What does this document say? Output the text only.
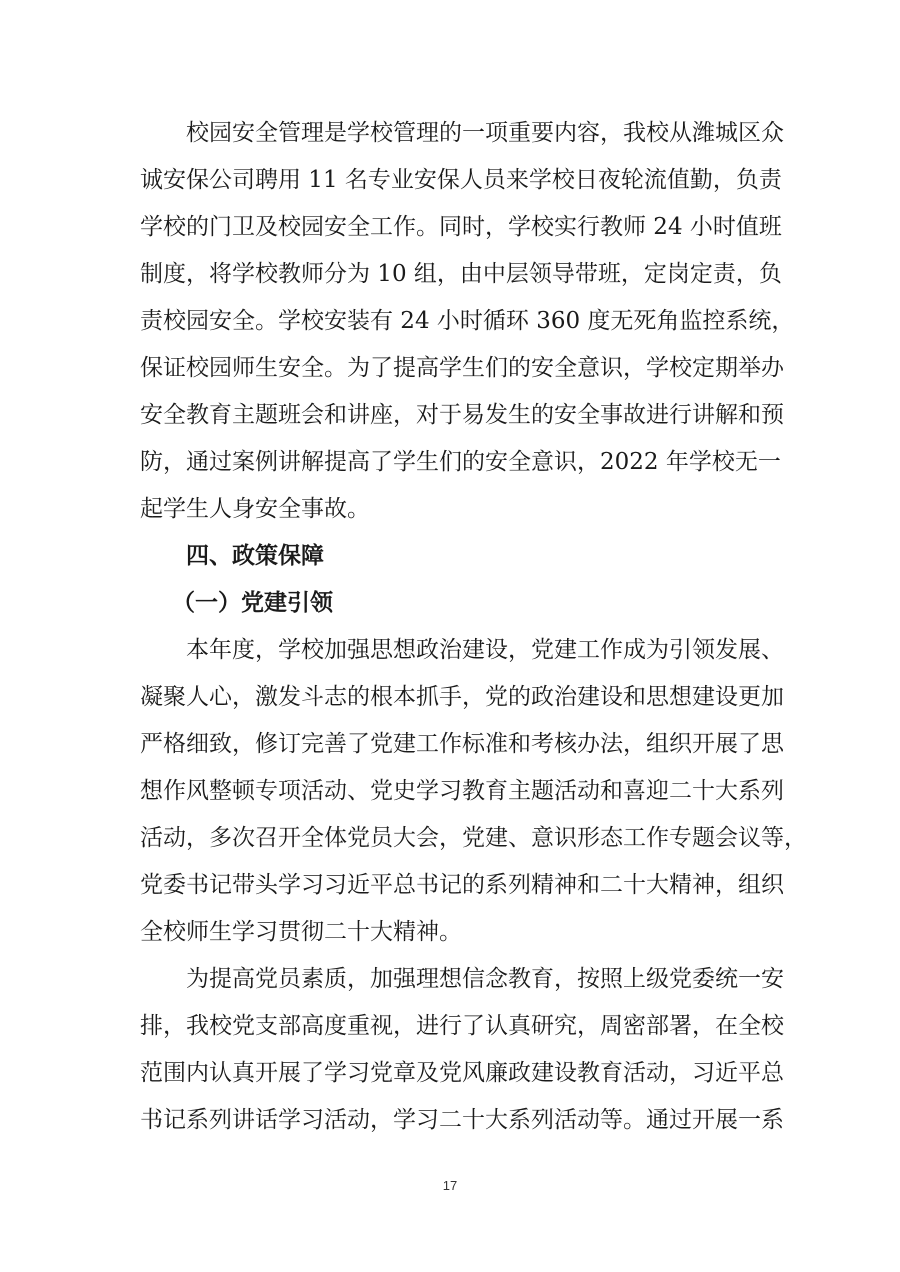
校园安全管理是学校管理的一项重要内容，我校从潍城区众
诚安保公司聘用 11 名专业安保人员来学校日夜轮流值勤，负责
学校的门卫及校园安全工作。同时，学校实行教师 24 小时值班
制度，将学校教师分为 10 组，由中层领导带班，定岗定责，负
责校园安全。学校安装有 24 小时循环 360 度无死角监控系统，
保证校园师生安全。为了提高学生们的安全意识，学校定期举办
安全教育主题班会和讲座，对于易发生的安全事故进行讲解和预
防，通过案例讲解提高了学生们的安全意识，2022 年学校无一
起学生人身安全事故。
四、政策保障
（一）党建引领
本年度，学校加强思想政治建设，党建工作成为引领发展、
凝聚人心，激发斗志的根本抓手，党的政治建设和思想建设更加
严格细致，修订完善了党建工作标准和考核办法，组织开展了思
想作风整顿专项活动、党史学习教育主题活动和喜迎二十大系列
活动，多次召开全体党员大会，党建、意识形态工作专题会议等，
党委书记带头学习习近平总书记的系列精神和二十大精神，组织
全校师生学习贯彻二十大精神。
为提高党员素质，加强理想信念教育，按照上级党委统一安
排，我校党支部高度重视，进行了认真研究，周密部署，在全校
范围内认真开展了学习党章及党风廉政建设教育活动，习近平总
书记系列讲话学习活动，学习二十大系列活动等。通过开展一系
17
